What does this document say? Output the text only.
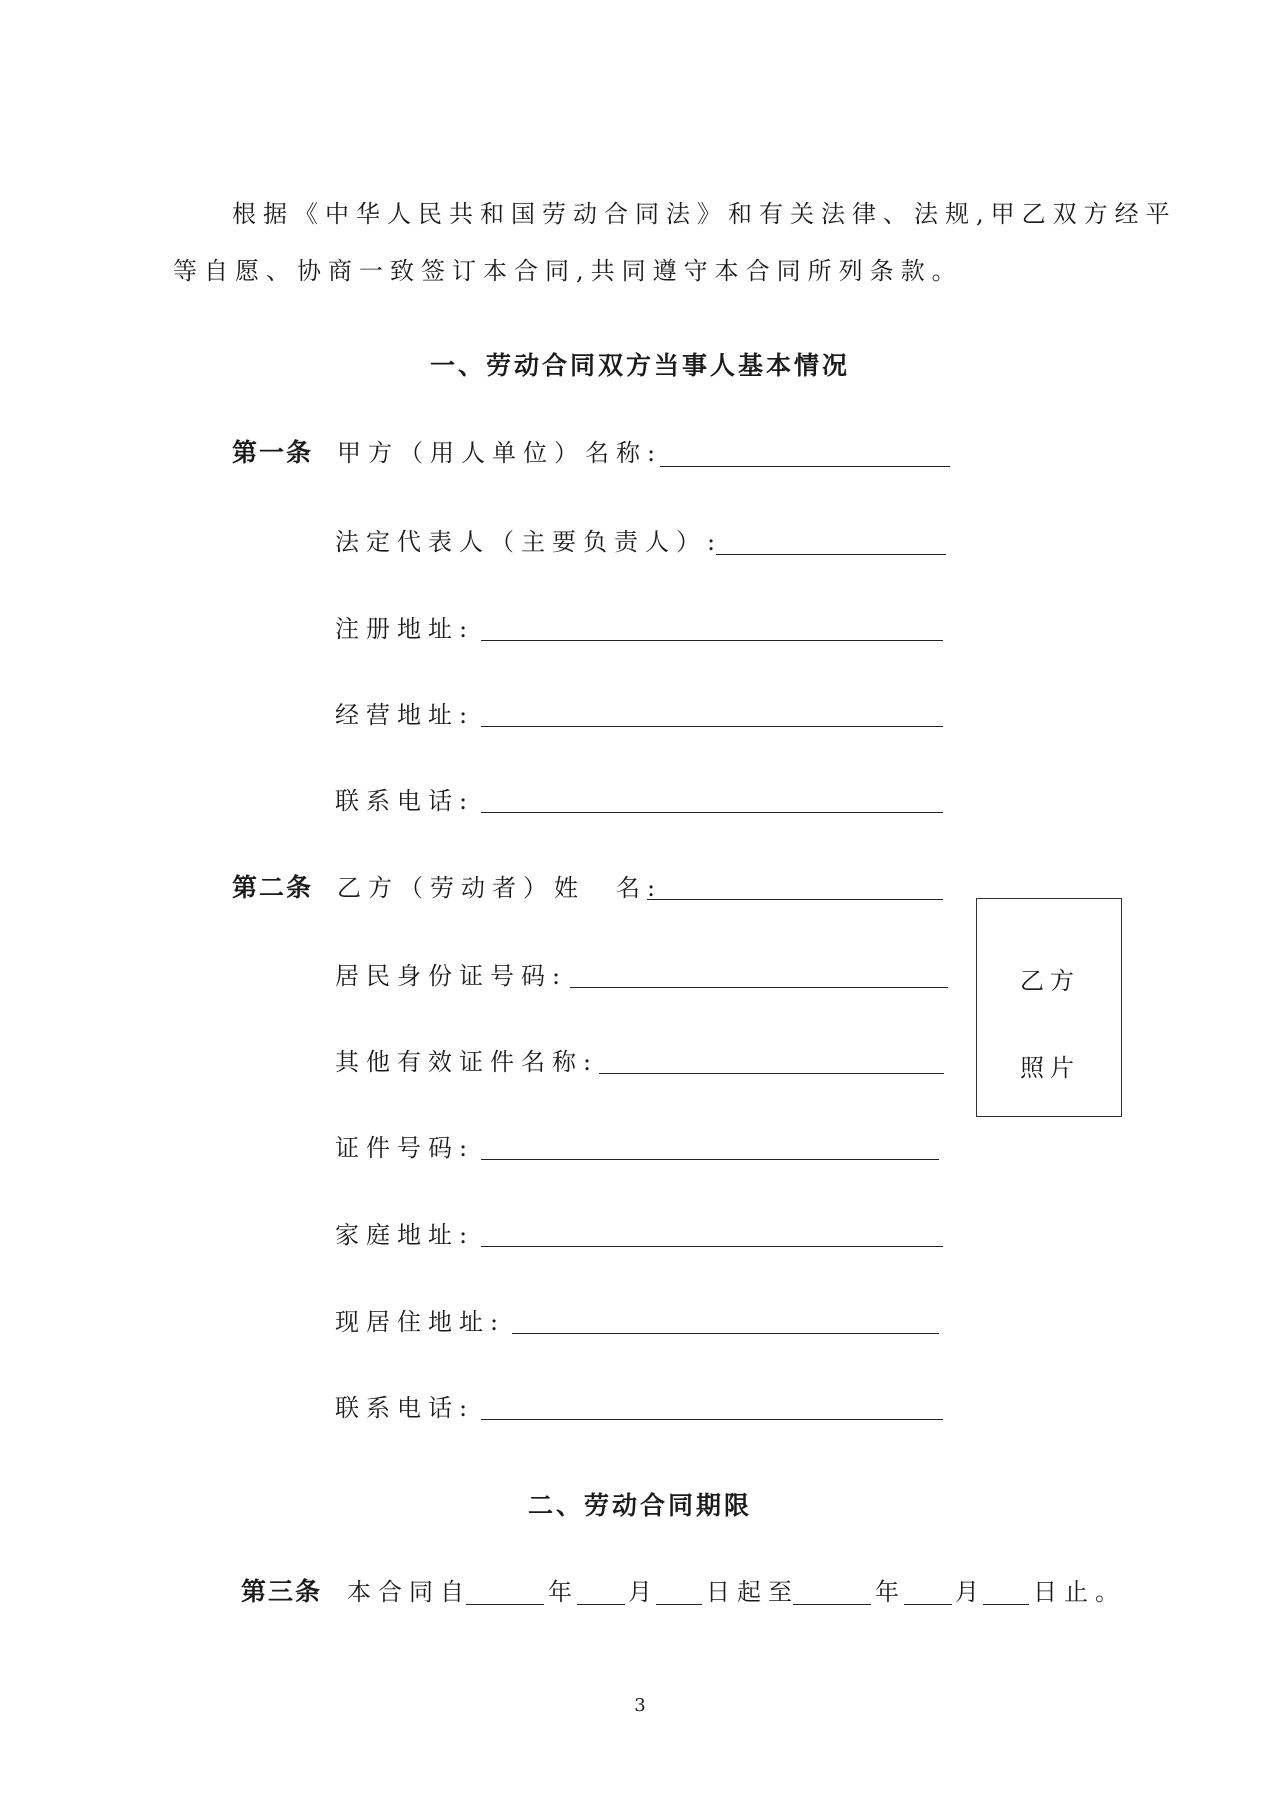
根据《中华人民共和国劳动合同法》和有关法律、法规,甲乙双方经平
等自愿、协商一致签订本合同,共同遵守本合同所列条款。
一、劳动合同双方当事人基本情况
第一条 甲方（用人单位）名称:
法定代表人（主要负责人）:
注册地址:
经营地址:
联系电话:
第二条 乙方（劳动者）姓　名:
居民身份证号码:
其他有效证件名称:
证件号码:
家庭地址:
现居住地址:
联系电话:
乙方
照片
二、劳动合同期限
第三条 本合同自	年 月 日起至	年 月 日止。
3
